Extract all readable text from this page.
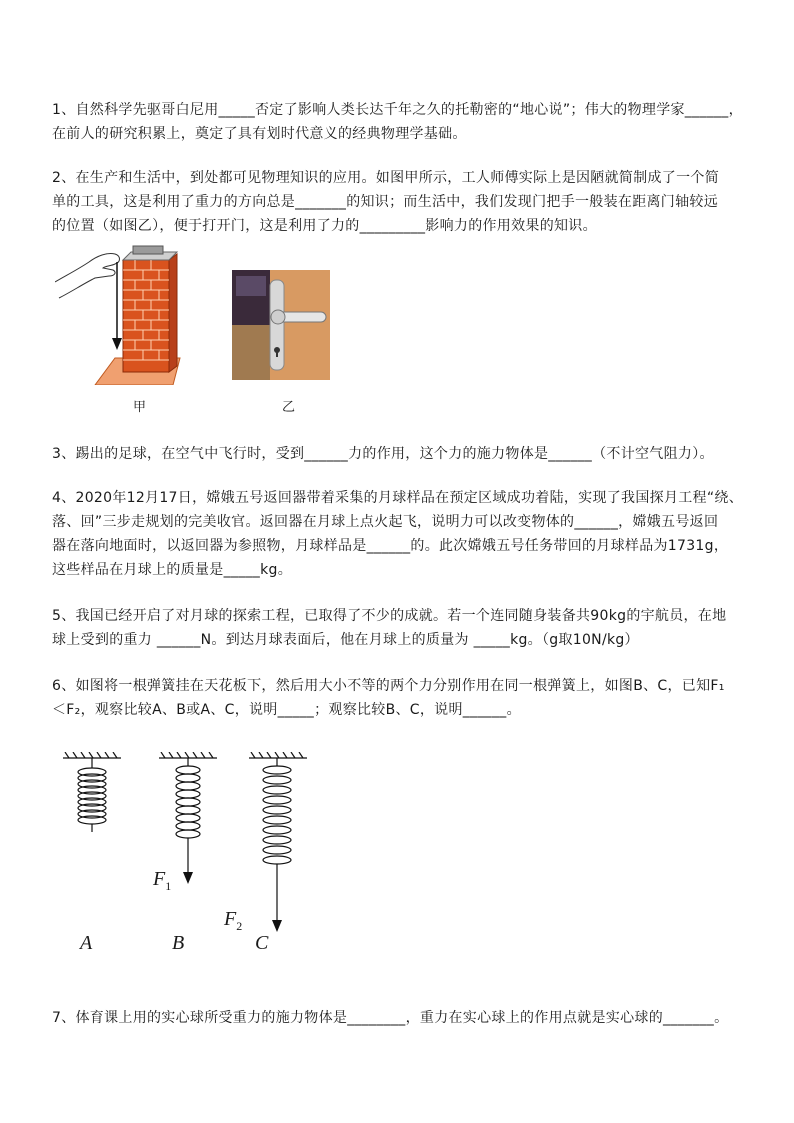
1、自然科学先驱哥白尼用_____否定了影响人类长达千年之久的托勒密的“地心说”；伟大的物理学家______，

在前人的研究积累上，奠定了具有划时代意义的经典物理学基础。

2、在生产和生活中，到处都可见物理知识的应用。如图甲所示，工人师傅实际上是因陋就简制成了一个简

单的工具，这是利用了重力的方向总是_______的知识；而生活中，我们发现门把手一般装在距离门轴较远

的位置（如图乙），便于打开门，这是利用了力的_________影响力的作用效果的知识。

甲	乙

3、踢出的足球，在空气中飞行时，受到______力的作用，这个力的施力物体是______（不计空气阻力）。

4、2020年12月17日，嫦娥五号返回器带着采集的月球样品在预定区域成功着陆，实现了我国探月工程“绕、

落、回”三步走规划的完美收官。返回器在月球上点火起飞，说明力可以改变物体的______，嫦娥五号返回

器在落向地面时，以返回器为参照物，月球样品是______的。此次嫦娥五号任务带回的月球样品为1731g，

这些样品在月球上的质量是_____kg。

5、我国已经开启了对月球的探索工程，已取得了不少的成就。若一个连同随身装备共90kg的宇航员，在地

球上受到的重力 ______N。到达月球表面后，他在月球上的质量为 _____kg。（g取10N/kg）

6、如图将一根弹簧挂在天花板下，然后用大小不等的两个力分别作用在同一根弹簧上，如图B、C，已知F₁

＜F₂，观察比较A、B或A、C，说明_____；观察比较B、C，说明______。

$F_1$
$F_2$
A	B	C

7、体育课上用的实心球所受重力的施力物体是________，重力在实心球上的作用点就是实心球的_______。
